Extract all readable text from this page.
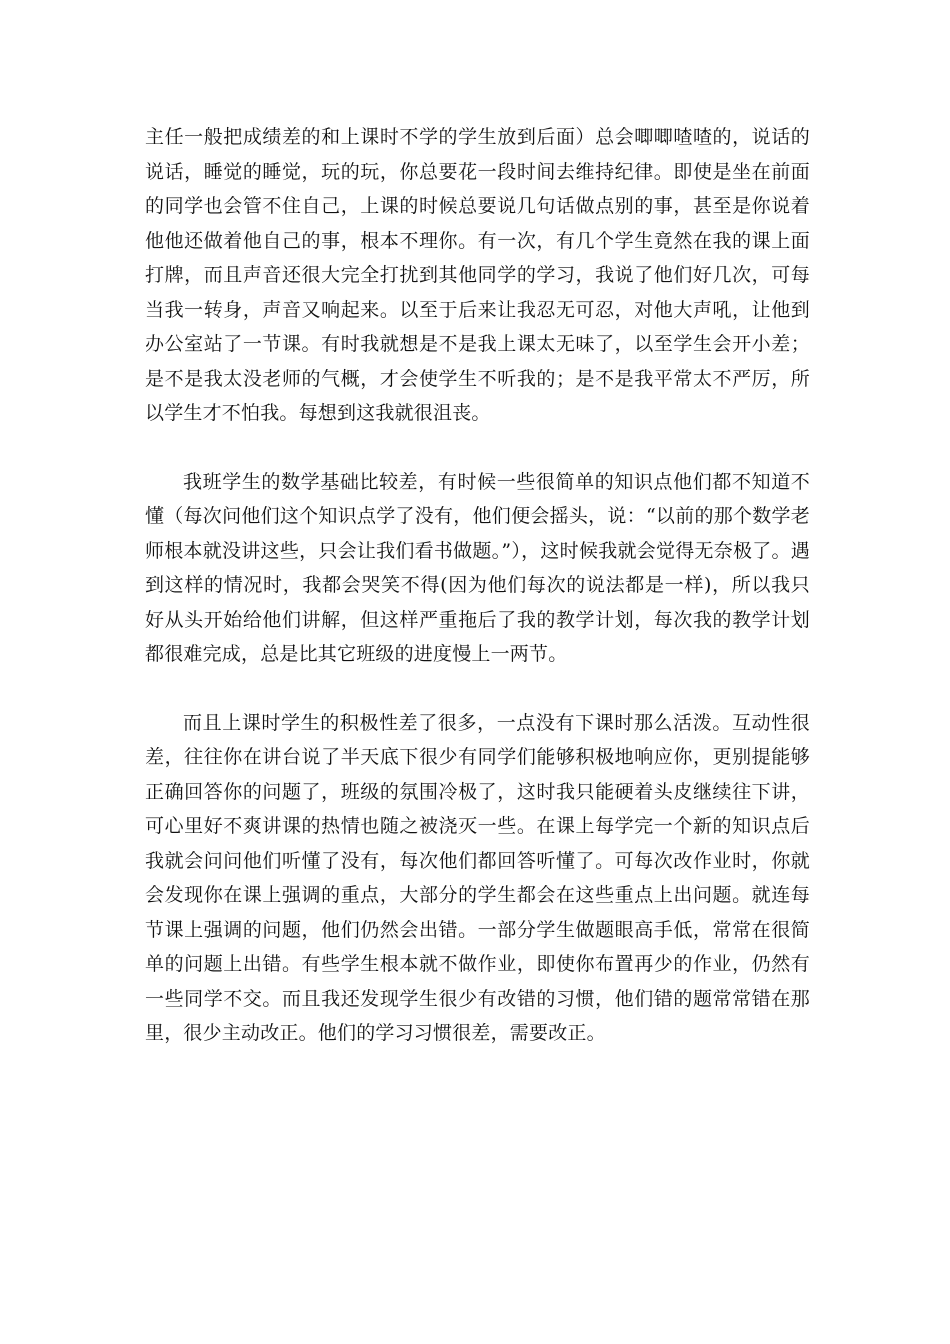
主任一般把成绩差的和上课时不学的学生放到后面）总会唧唧喳喳的，说话的说话，睡觉的睡觉，玩的玩，你总要花一段时间去维持纪律。即使是坐在前面的同学也会管不住自己，上课的时候总要说几句话做点别的事，甚至是你说着他他还做着他自己的事，根本不理你。有一次，有几个学生竟然在我的课上面打牌，而且声音还很大完全打扰到其他同学的学习，我说了他们好几次，可每当我一转身，声音又响起来。以至于后来让我忍无可忍，对他大声吼，让他到办公室站了一节课。有时我就想是不是我上课太无味了，以至学生会开小差；是不是我太没老师的气概，才会使学生不听我的；是不是我平常太不严厉，所以学生才不怕我。每想到这我就很沮丧。

我班学生的数学基础比较差，有时候一些很简单的知识点他们都不知道不懂（每次问他们这个知识点学了没有，他们便会摇头，说：“以前的那个数学老师根本就没讲这些，只会让我们看书做题。”），这时候我就会觉得无奈极了。遇到这样的情况时，我都会哭笑不得(因为他们每次的说法都是一样)，所以我只好从头开始给他们讲解，但这样严重拖后了我的教学计划，每次我的教学计划都很难完成，总是比其它班级的进度慢上一两节。

而且上课时学生的积极性差了很多，一点没有下课时那么活泼。互动性很差，往往你在讲台说了半天底下很少有同学们能够积极地响应你，更别提能够正确回答你的问题了，班级的氛围冷极了，这时我只能硬着头皮继续往下讲，可心里好不爽讲课的热情也随之被浇灭一些。在课上每学完一个新的知识点后我就会问问他们听懂了没有，每次他们都回答听懂了。可每次改作业时，你就会发现你在课上强调的重点，大部分的学生都会在这些重点上出问题。就连每节课上强调的问题，他们仍然会出错。一部分学生做题眼高手低，常常在很简单的问题上出错。有些学生根本就不做作业，即使你布置再少的作业，仍然有一些同学不交。而且我还发现学生很少有改错的习惯，他们错的题常常错在那里，很少主动改正。他们的学习习惯很差，需要改正。
